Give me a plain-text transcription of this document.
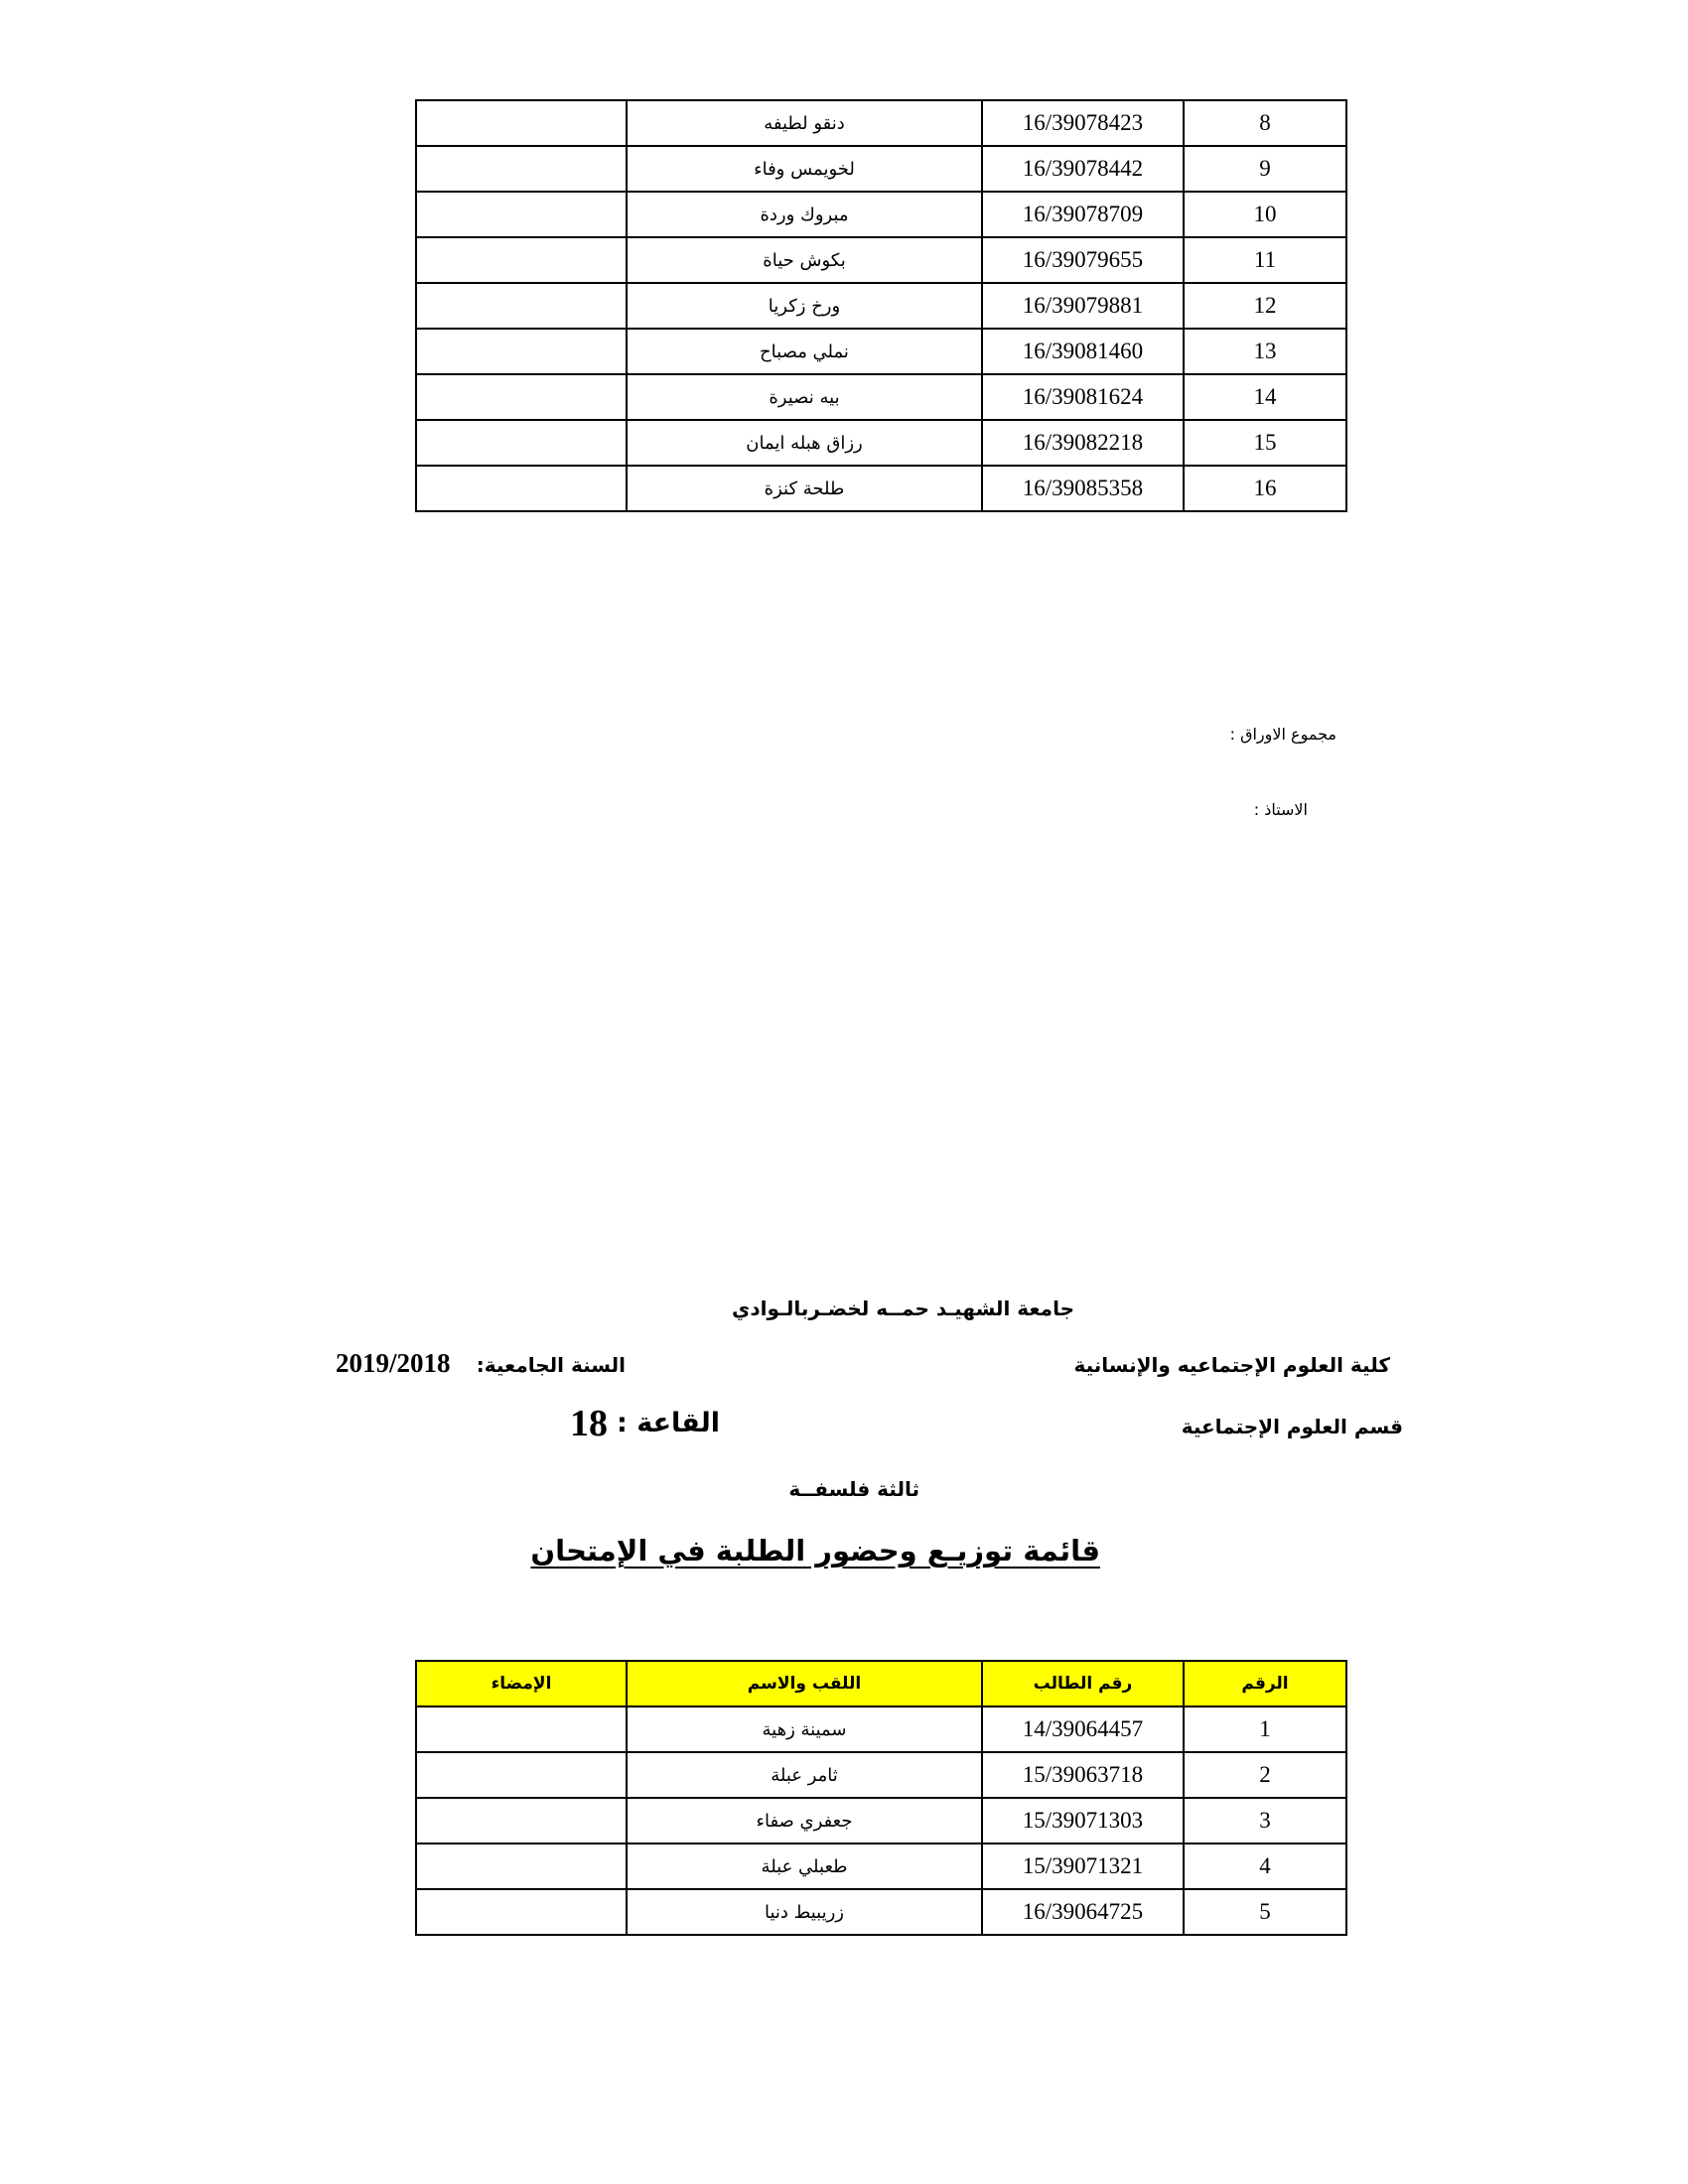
	دنقو لطيفه	16/39078423	8
	لخويمس وفاء	16/39078442	9
	مبروك وردة	16/39078709	10
	بكوش حياة	16/39079655	11
	ورخ زكريا	16/39079881	12
	نملي مصباح	16/39081460	13
	بيه نصيرة	16/39081624	14
	رزاق هبله ايمان	16/39082218	15
	طلحة كنزة	16/39085358	16
مجموع الاوراق :
الاستاذ :
جامعة الشهيـد حمــه لخضـربالـوادي
كلية العلوم الإجتماعيه والإنسانية
السنة الجامعية:
2019/2018
قسم العلوم الإجتماعية
القاعة :
18
ثالثة فلسفــة
قائمة توزيـع وحضور الطلبة في الإمتحان
الإمضاء	اللقب والاسم	رقم الطالب	الرقم
	سمينة زهية	14/39064457	1
	ثامر عبلة	15/39063718	2
	جعفري صفاء	15/39071303	3
	طعبلي عبلة	15/39071321	4
	زريبيط دنيا	16/39064725	5
